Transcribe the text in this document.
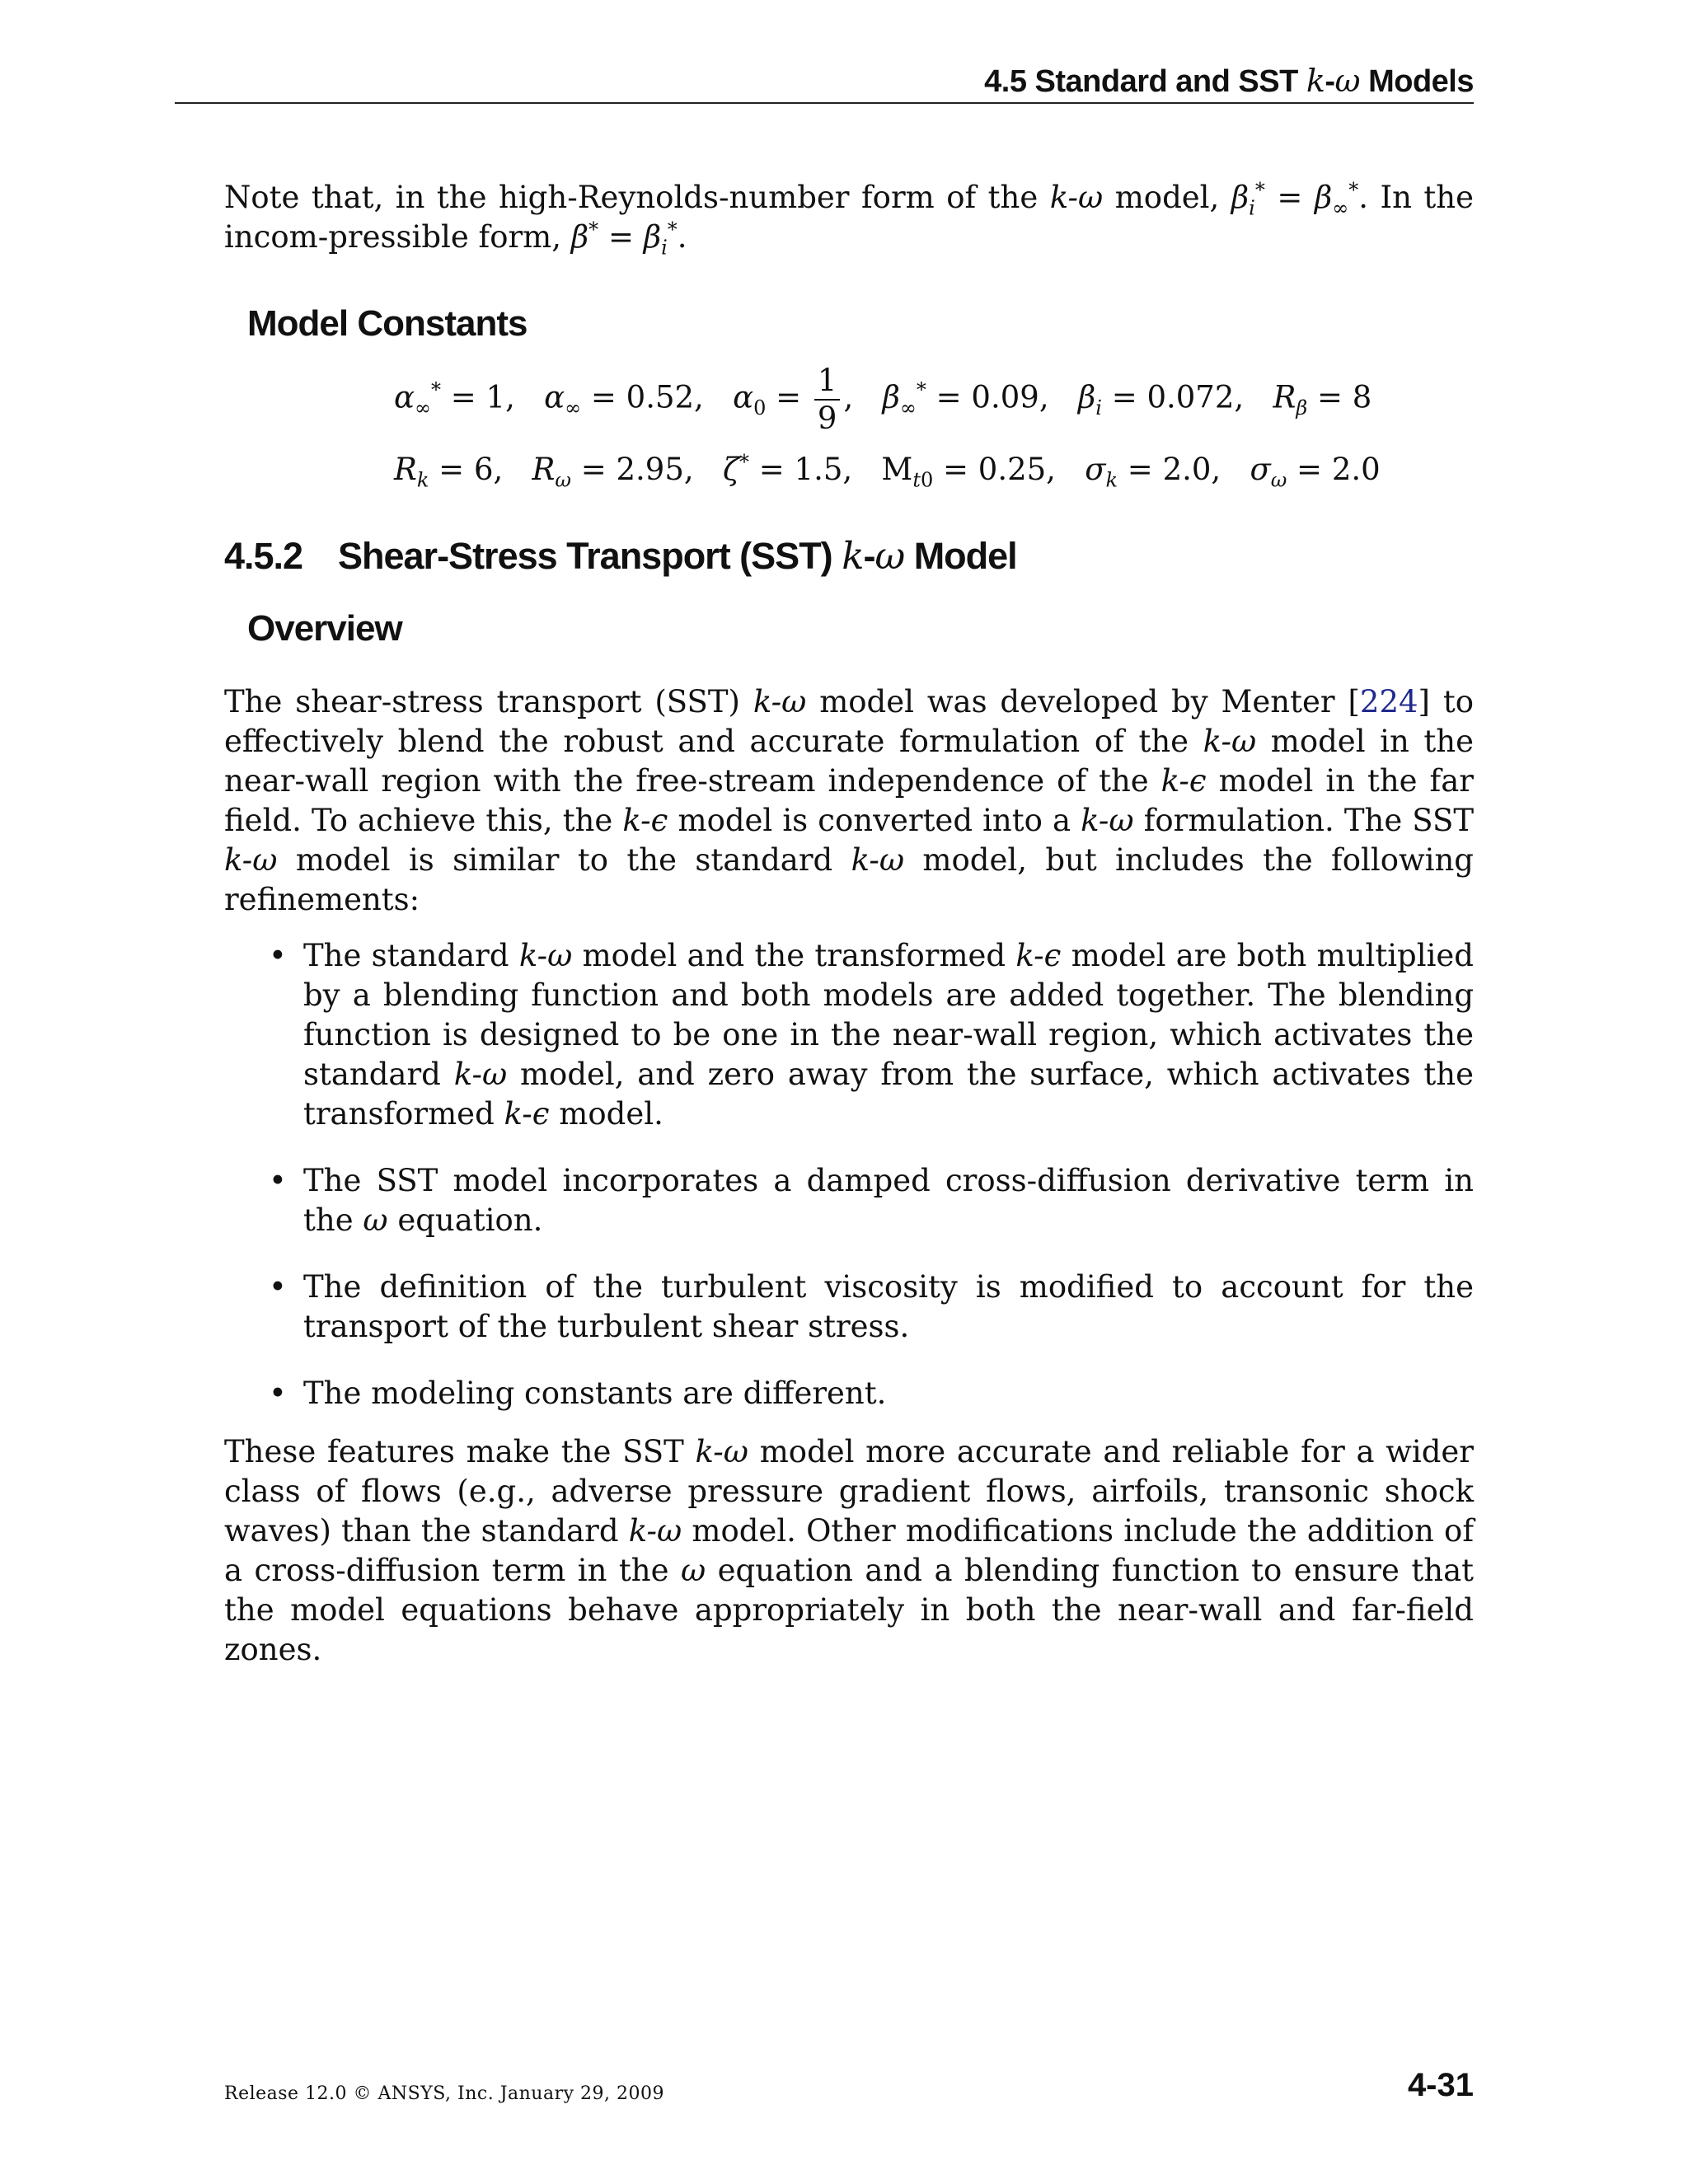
4.5 Standard and SST k-ω Models

Note that, in the high-Reynolds-number form of the k-ω model, $\beta_i^* = \beta_\infty^*$. In the incom-pressible form, $\beta^* = \beta_i^*$.

Model Constants
$\alpha_\infty^* = 1$,   $\alpha_\infty = 0.52$,   $\alpha_0 = \frac{1}{9}$ ,   $\beta_\infty^* = 0.09$,   $\beta_i = 0.072$,   $R_\beta = 8$
$R_k = 6$,   $R_\omega = 2.95$,   ζ* = 1.5,   $M_{t0} = 0.25$,   $\sigma_k = 2.0$,   $\sigma_\omega = 2.0$
4.5.2 Shear-Stress Transport (SST) k-ω Model
Overview

The shear-stress transport (SST) k-ω model was developed by Menter [224] to effectively blend the robust and accurate formulation of the k-ω model in the near-wall region with the free-stream independence of the k-ϵ model in the far field. To achieve this, the k-ϵ model is converted into a k-ω formulation. The SST k-ω model is similar to the standard k-ω model, but includes the following refinements:

• The standard k-ω model and the transformed k-ϵ model are both multiplied by a blending function and both models are added together. The blending function is designed to be one in the near-wall region, which activates the standard k-ω model, and zero away from the surface, which activates the transformed k-ϵ model.
• The SST model incorporates a damped cross-diffusion derivative term in the ω equation.
• The definition of the turbulent viscosity is modified to account for the transport of the turbulent shear stress.
• The modeling constants are different.

These features make the SST k-ω model more accurate and reliable for a wider class of flows (e.g., adverse pressure gradient flows, airfoils, transonic shock waves) than the standard k-ω model. Other modifications include the addition of a cross-diffusion term in the ω equation and a blending function to ensure that the model equations behave appropriately in both the near-wall and far-field zones.

Release 12.0 © ANSYS, Inc. January 29, 2009	4-31
